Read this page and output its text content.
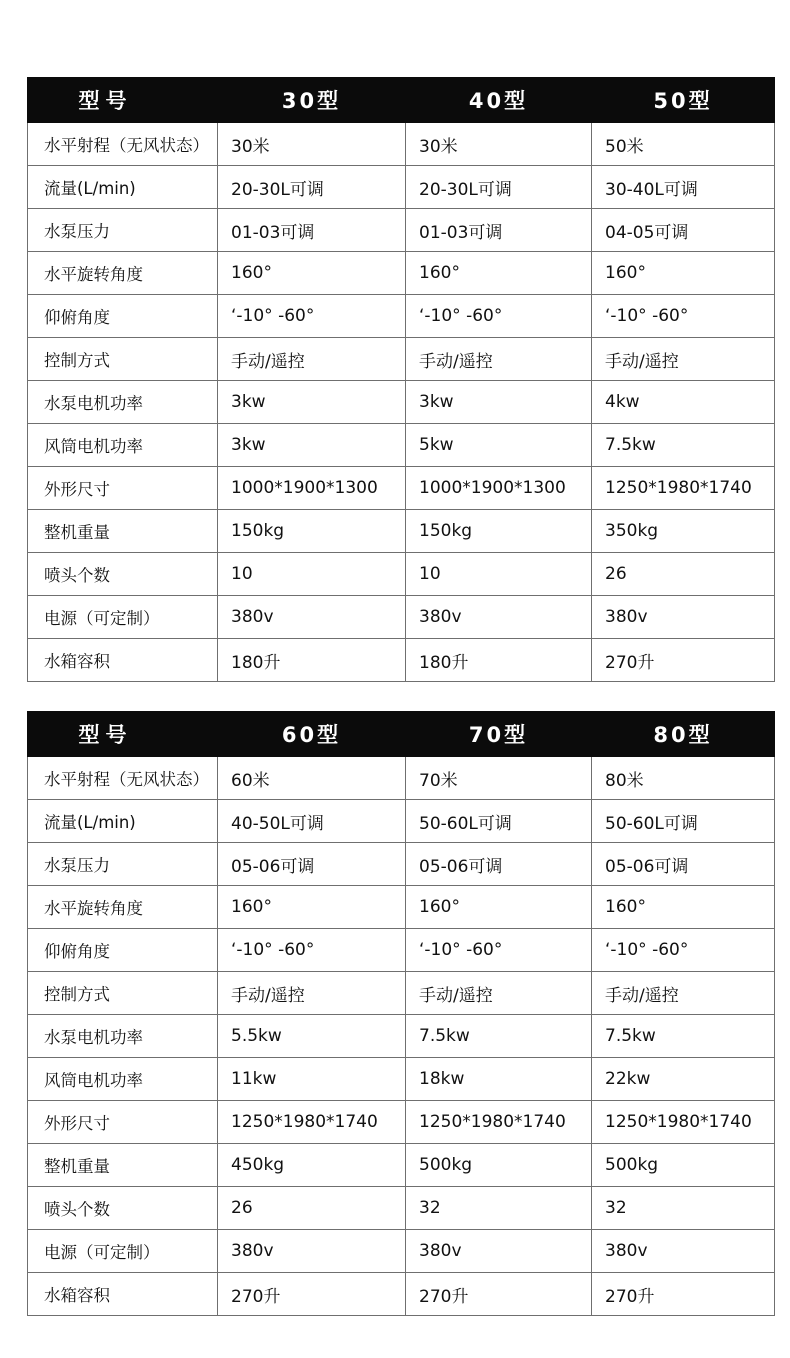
型号	30型	40型	50型
水平射程（无风状态）	30米	30米	50米
流量(L/min)	20-30L可调	20-30L可调	30-40L可调
水泵压力	01-03可调	01-03可调	04-05可调
水平旋转角度	160°	160°	160°
仰俯角度	‘-10° -60°	‘-10° -60°	‘-10° -60°
控制方式	手动/遥控	手动/遥控	手动/遥控
水泵电机功率	3kw	3kw	4kw
风筒电机功率	3kw	5kw	7.5kw
外形尺寸	1000*1900*1300	1000*1900*1300	1250*1980*1740
整机重量	150kg	150kg	350kg
喷头个数	10	10	26
电源（可定制）	380v	380v	380v
水箱容积	180升	180升	270升
型号	60型	70型	80型
水平射程（无风状态）	60米	70米	80米
流量(L/min)	40-50L可调	50-60L可调	50-60L可调
水泵压力	05-06可调	05-06可调	05-06可调
水平旋转角度	160°	160°	160°
仰俯角度	‘-10° -60°	‘-10° -60°	‘-10° -60°
控制方式	手动/遥控	手动/遥控	手动/遥控
水泵电机功率	5.5kw	7.5kw	7.5kw
风筒电机功率	11kw	18kw	22kw
外形尺寸	1250*1980*1740	1250*1980*1740	1250*1980*1740
整机重量	450kg	500kg	500kg
喷头个数	26	32	32
电源（可定制）	380v	380v	380v
水箱容积	270升	270升	270升
